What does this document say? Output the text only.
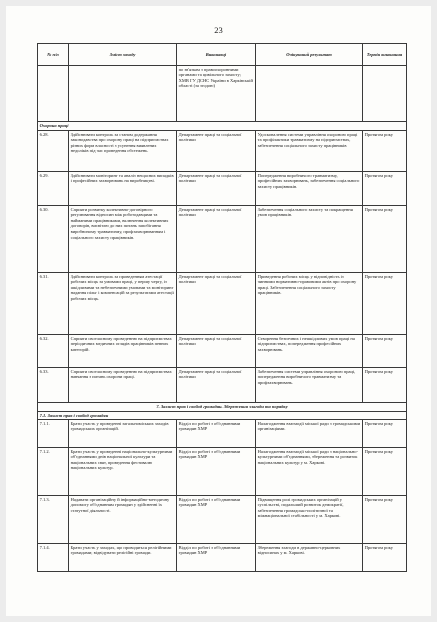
23
№ п/п	Зміст заходу	Виконавці	Очікуваний результат	Термін виконання
		по зв'язкам з правоохоронними органами та цивільного захисту;
ХМВ ГУ ДСНС України в Харківській області (за згодою)		
Охорона праці				
6.28.	Здійснювати контроль за станом додержання законодавства про охорону праці на підприємствах різних форм власності з усунення виявлених недоліків під час проведення обстежень.	Департамент праці та соціальної політики	Удосконалення системи управління охороною праці та профілактики травматизму на підприємствах, забезпечення соціального захисту працівників	Протягом року
6.29.	Здійснювати моніторинг та аналіз нещасних випадків і професійних захворювань на виробництві.	Департамент праці та соціальної політики	Попередження виробничого травматизму, професійних захворювань, забезпечення соціального захисту працівників.	Протягом року
6.30.	Сприяти розвитку колективно-договірного регулювання відносин між роботодавцями та найманими працівниками, включення колективних договорів, висвітлю до них питань запобігання виробничому травматизму, профзахворюванням і соціального захисту працівників.	Департамент праці та соціальної політики	Забезпечення соціального захисту та покращення умов працівників.	Протягом року
6.31.	Здійснювати контроль за проведенням атестації робочих місць за умовами праці, у першу чергу, із шкідливими та небезпечними умовами та моніторинг надання пільг і компенсацій за результатами атестації робочих місць.	Департамент праці та соціальної політики	Приведення робочих місць у відповідність із чинними нормативно-правовими актів про охорону праці. Забезпечення соціального захисту працівників.	Протягом року
6.32.	Сприяти своєчасному проведенню на підприємствах періодичних медичних оглядів працівників певних категорій.	Департамент праці та соціальної політики	Створення безпечних і нешкідливих умов праці на підприємствах, попередження професійних захворювань.	Протягом року
6.33.	Сприяти своєчасному проведенню на підприємствах навчання з питань охорони праці.	Департамент праці та соціальної політики	Забезпечення системи управління охороною праці, попередження виробничого травматизму та профзахворювань.	Протягом року
7. Захист прав і свобод громадян. Збереження злагоди та порядку				
7.1. Захист прав і свобод громадян				
7.1.1.	Брати участь у проведенні загальноміських заходів громадських організацій.	Відділ по роботі з об'єднаннями громадян ХМР	Налагодження взаємодії міської ради з громадськими організаціями.	Протягом року
7.1.2.	Брати участь у проведенні національно-культурними об'єднаннями днів національної культури та національних свят, проведення фестивалю національних культур.	Відділ по роботі з об'єднаннями громадян ХМР	Налагодження взаємодії міської ради з національно-культурними об'єднаннями, збереження та розвиток національних культур у м. Харкові.	Протягом року
7.1.3.	Надавати організаційну й інформаційно-методичну допомогу об'єднанням громадян у здійсненні їх статутної діяльності.	Відділ по роботі з об'єднаннями громадян ХМР	Підвищення ролі громадських організацій у суспільстві, подальший розвиток демократії, забезпечення громадсько-політичної та міжнаціональної стабільності у м. Харкові.	Протягом року
7.1.4.	Брати участь у заходах, що проводяться релігійними громадами; відвідувати релігійні громади.	Відділ по роботі з об'єднаннями громадян ХМР	Збереження злагоди в державно-церковних відносинах у м. Харкові.	Протягом року
